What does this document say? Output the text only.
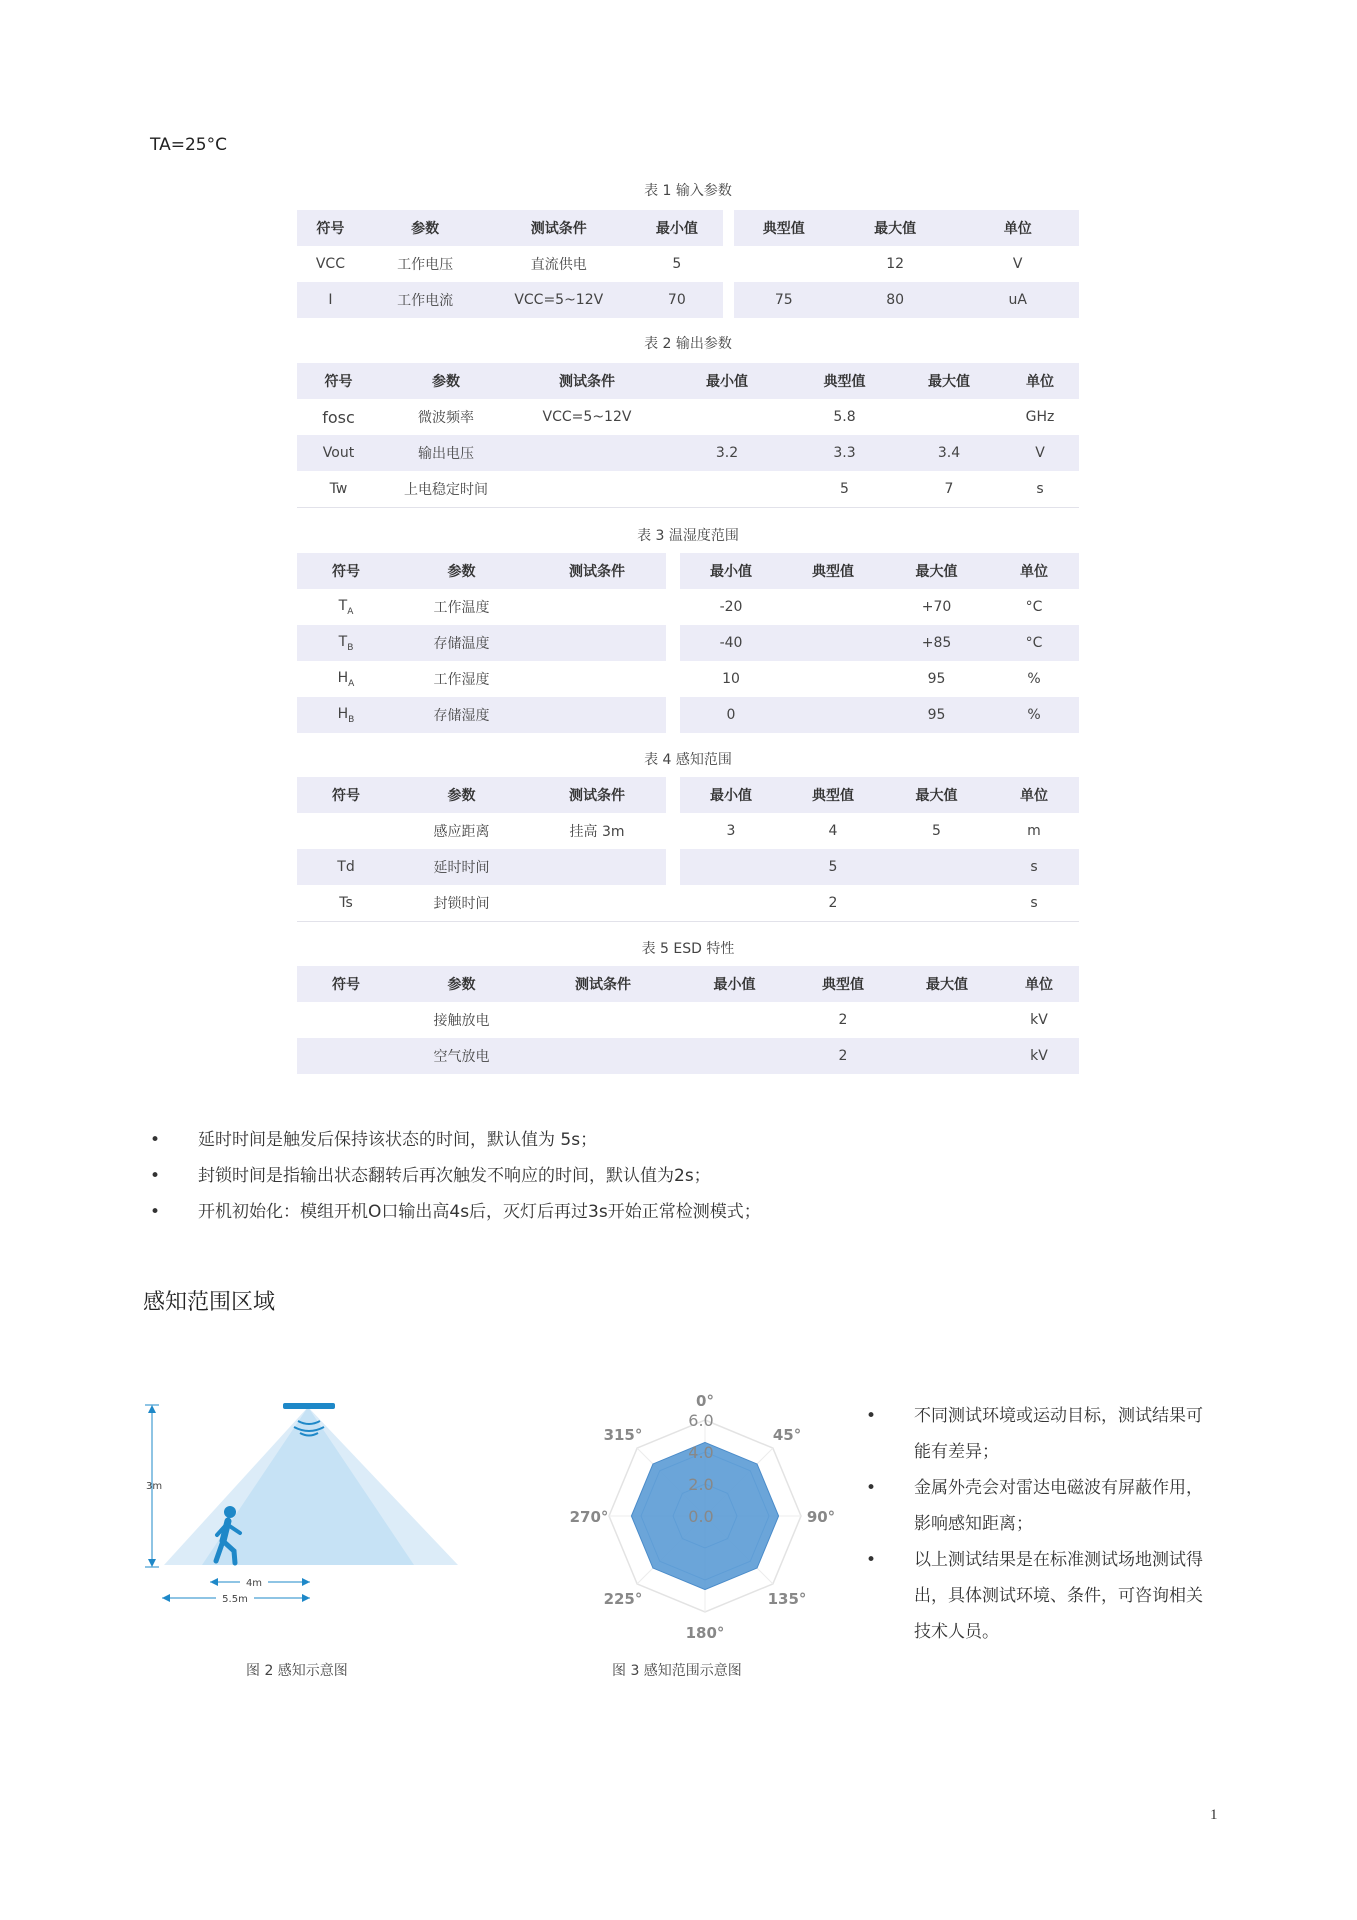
TA=25°C
表 1 输入参数
符号	参数	测试条件	最小值		典型值	最大值	单位
VCC	工作电压	直流供电	5			12	V
I	工作电流	VCC=5~12V	70		75	80	uA
表 2 输出参数
符号	参数	测试条件	最小值	典型值	最大值	单位
fosc	微波频率	VCC=5~12V		5.8		GHz
Vout	输出电压		3.2	3.3	3.4	V
Tw	上电稳定时间			5	7	s
表 3 温湿度范围
符号	参数	测试条件		最小值	典型值	最大值	单位
$T_A$	工作温度			-20		+70	°C
$T_B$	存储温度			-40		+85	°C
$H_A$	工作湿度			10		95	%
$H_B$	存储湿度			0		95	%
表 4 感知范围
符号	参数	测试条件		最小值	典型值	最大值	单位
	感应距离	挂高 3m		3	4	5	m
Td	延时时间				5		s
Ts	封锁时间				2		s
表 5 ESD 特性
符号	参数	测试条件	最小值	典型值	最大值	单位
	接触放电			2		kV
	空气放电			2		kV
• 延时时间是触发后保持该状态的时间，默认值为 5s；
• 封锁时间是指输出状态翻转后再次触发不响应的时间，默认值为2s；
• 开机初始化：模组开机O口输出高4s后，灭灯后再过3s开始正常检测模式；
感知范围区域
4m
5.5m
3m
图 2 感知示意图
0°
45°
90°
135°
180°
225°
270°
315°
6.0
4.0
2.0
0.0
图 3 感知范围示意图
• 不同测试环境或运动目标，测试结果可能有差异；
• 金属外壳会对雷达电磁波有屏蔽作用，影响感知距离；
• 以上测试结果是在标准测试场地测试得出，具体测试环境、条件，可咨询相关技术人员。
1
